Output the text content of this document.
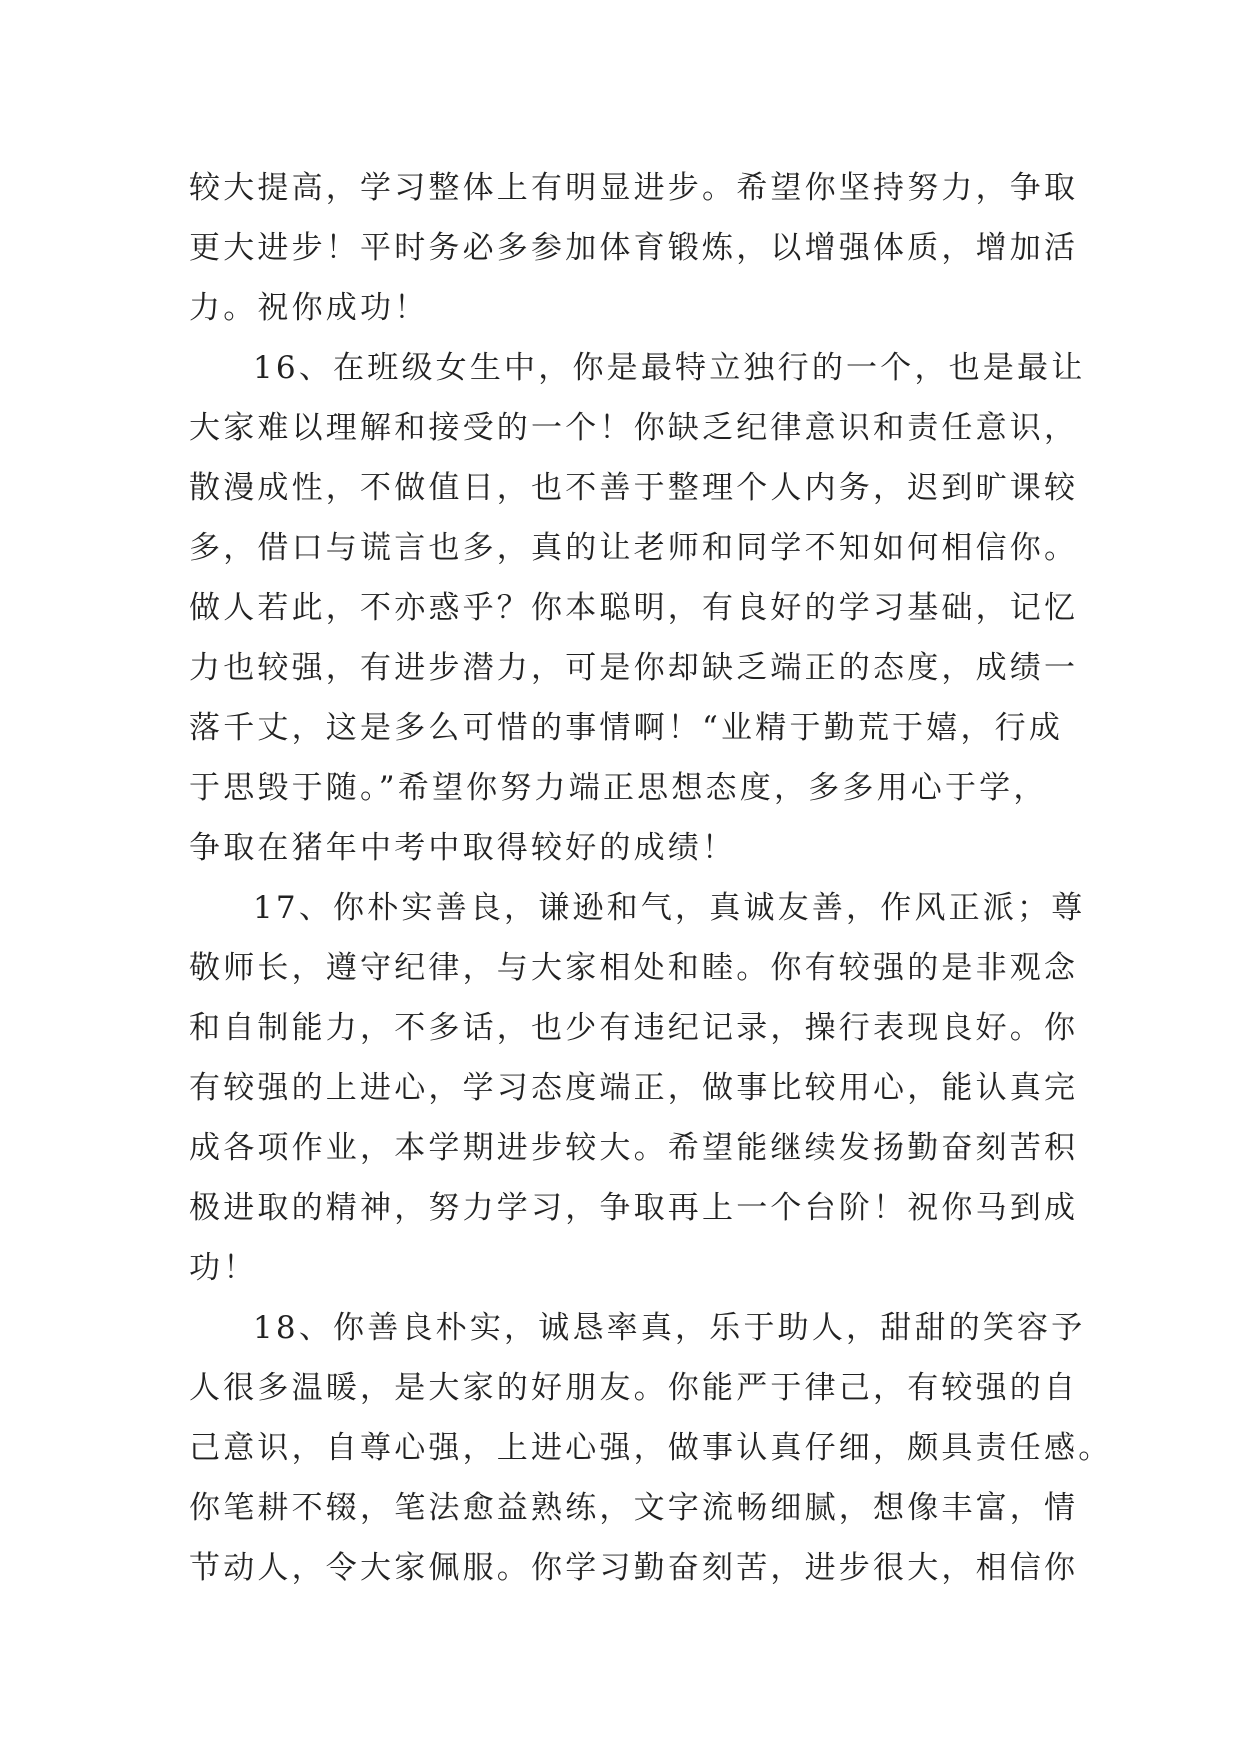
较大提高，学习整体上有明显进步。希望你坚持努力，争取
更大进步！平时务必多参加体育锻炼，以增强体质，增加活
力。祝你成功！
16、在班级女生中，你是最特立独行的一个，也是最让
大家难以理解和接受的一个！你缺乏纪律意识和责任意识，
散漫成性，不做值日，也不善于整理个人内务，迟到旷课较
多，借口与谎言也多，真的让老师和同学不知如何相信你。
做人若此，不亦惑乎？你本聪明，有良好的学习基础，记忆
力也较强，有进步潜力，可是你却缺乏端正的态度，成绩一
落千丈，这是多么可惜的事情啊！“业精于勤荒于嬉，行成
于思毁于随。”希望你努力端正思想态度，多多用心于学，
争取在猪年中考中取得较好的成绩！
17、你朴实善良，谦逊和气，真诚友善，作风正派；尊
敬师长，遵守纪律，与大家相处和睦。你有较强的是非观念
和自制能力，不多话，也少有违纪记录，操行表现良好。你
有较强的上进心，学习态度端正，做事比较用心，能认真完
成各项作业，本学期进步较大。希望能继续发扬勤奋刻苦积
极进取的精神，努力学习，争取再上一个台阶！祝你马到成
功！
18、你善良朴实，诚恳率真，乐于助人，甜甜的笑容予
人很多温暖，是大家的好朋友。你能严于律己，有较强的自
己意识，自尊心强，上进心强，做事认真仔细，颇具责任感。
你笔耕不辍，笔法愈益熟练，文字流畅细腻，想像丰富，情
节动人，令大家佩服。你学习勤奋刻苦，进步很大，相信你
